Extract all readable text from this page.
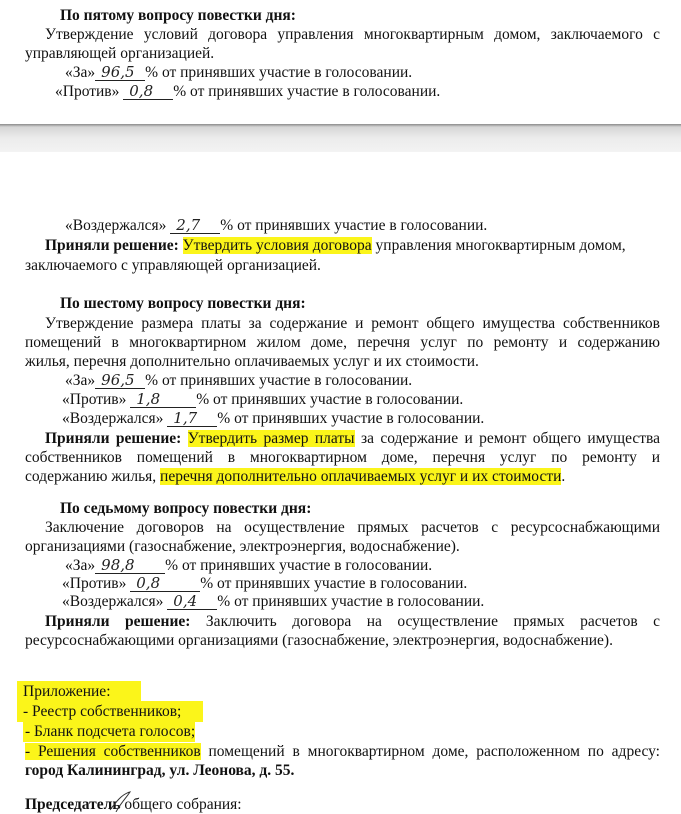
По пятому вопросу повестки дня:
Утверждение условий договора управления многоквартирным домом, заключаемого с
управляющей организацией.
«За» 96,5 % от принявших участие в голосовании.
«Против» 0,8 % от принявших участие в голосовании.
«Воздержался» 2,7 % от принявших участие в голосовании.
Приняли решение: Утвердить условия договора управления многоквартирным домом,
заключаемого с управляющей организацией.
По шестому вопросу повестки дня:
Утверждение размера платы за содержание и ремонт общего имущества собственников
помещений в многоквартирном жилом доме, перечня услуг по ремонту и содержанию
жилья, перечня дополнительно оплачиваемых услуг и их стоимости.
«За» 96,5 % от принявших участие в голосовании.
«Против» 1,8 % от принявших участие в голосовании.
«Воздержался» 1,7 % от принявших участие в голосовании.
Приняли решение: Утвердить размер платы за содержание и ремонт общего имущества
собственников помещений в многоквартирном доме, перечня услуг по ремонту и
содержанию жилья, перечня дополнительно оплачиваемых услуг и их стоимости.
По седьмому вопросу повестки дня:
Заключение договоров на осуществление прямых расчетов с ресурсоснабжающими
организациями (газоснабжение, электроэнергия, водоснабжение).
«За» 98,8 % от принявших участие в голосовании.
«Против» 0,8	% от принявших участие в голосовании.
«Воздержался» 0,4 % от принявших участие в голосовании.
Приняли решение: Заключить договора на осуществление прямых расчетов с
ресурсоснабжающими организациями (газоснабжение, электроэнергия, водоснабжение).
Приложение:
- Реестр собственников;
- Бланк подсчета голосов;
- Решения собственников помещений в многоквартирном доме, расположенном по адресу:
город Калининград, ул. Леонова, д. 55.
Председатель общего собрания:
